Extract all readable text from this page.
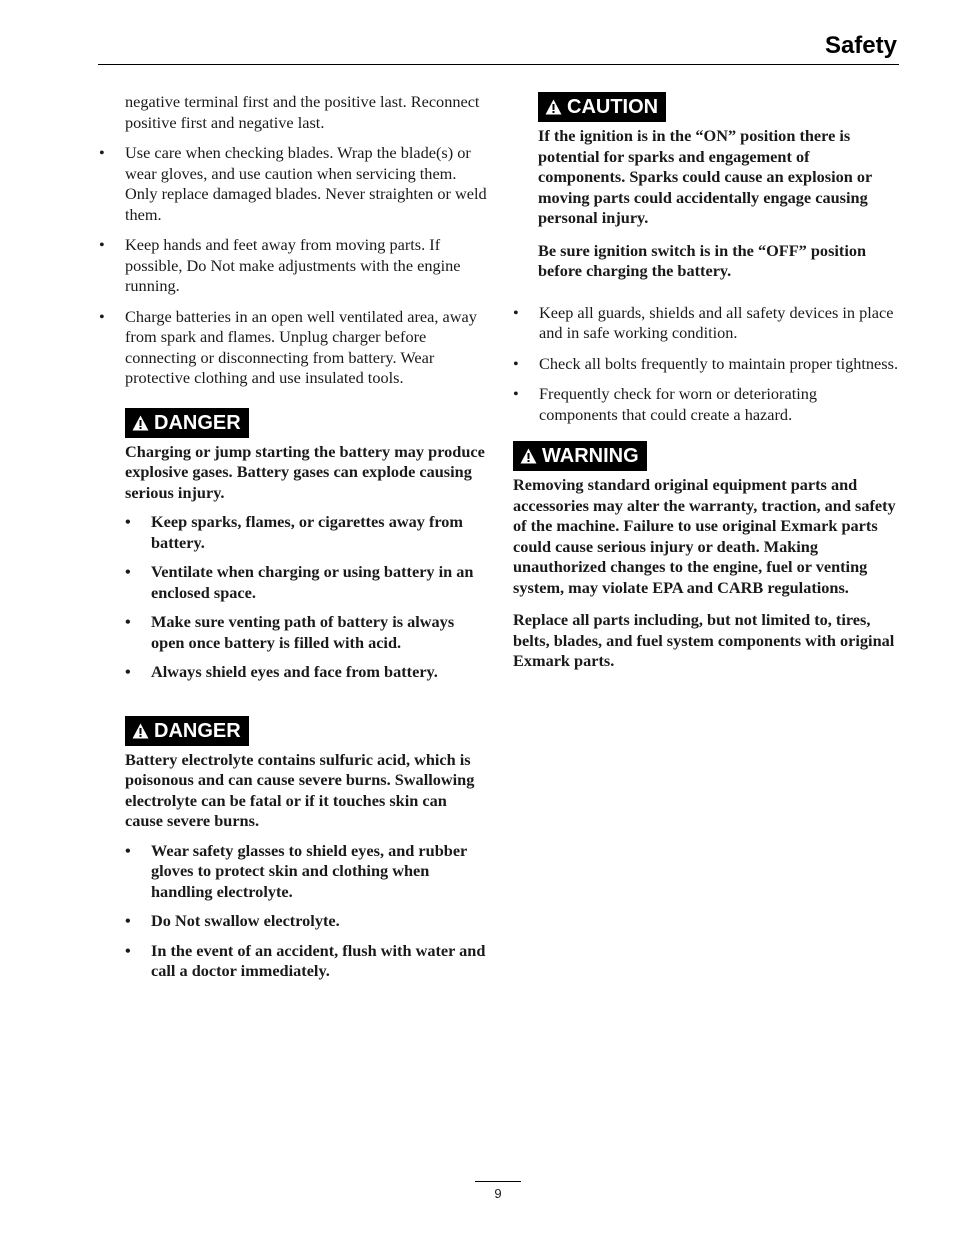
Safety

negative terminal first and the positive last. Reconnect positive first and negative last.

• Use care when checking blades. Wrap the blade(s) or wear gloves, and use caution when servicing them. Only replace damaged blades. Never straighten or weld them.
• Keep hands and feet away from moving parts. If possible, Do Not make adjustments with the engine running.
• Charge batteries in an open well ventilated area, away from spark and flames. Unplug charger before connecting or disconnecting from battery. Wear protective clothing and use insulated tools.
DANGER

Charging or jump starting the battery may produce explosive gases. Battery gases can explode causing serious injury.

• Keep sparks, flames, or cigarettes away from battery.
• Ventilate when charging or using battery in an enclosed space.
• Make sure venting path of battery is always open once battery is filled with acid.
• Always shield eyes and face from battery.
DANGER

Battery electrolyte contains sulfuric acid, which is poisonous and can cause severe burns. Swallowing electrolyte can be fatal or if it touches skin can cause severe burns.

• Wear safety glasses to shield eyes, and rubber gloves to protect skin and clothing when handling electrolyte.
• Do Not swallow electrolyte.
• In the event of an accident, flush with water and call a doctor immediately.
CAUTION

If the ignition is in the “ON” position there is potential for sparks and engagement of components. Sparks could cause an explosion or moving parts could accidentally engage causing personal injury.

Be sure ignition switch is in the “OFF” position before charging the battery.

• Keep all guards, shields and all safety devices in place and in safe working condition.
• Check all bolts frequently to maintain proper tightness.
• Frequently check for worn or deteriorating components that could create a hazard.
WARNING

Removing standard original equipment parts and accessories may alter the warranty, traction, and safety of the machine. Failure to use original Exmark parts could cause serious injury or death. Making unauthorized changes to the engine, fuel or venting system, may violate EPA and CARB regulations.

Replace all parts including, but not limited to, tires, belts, blades, and fuel system components with original Exmark parts.

9
